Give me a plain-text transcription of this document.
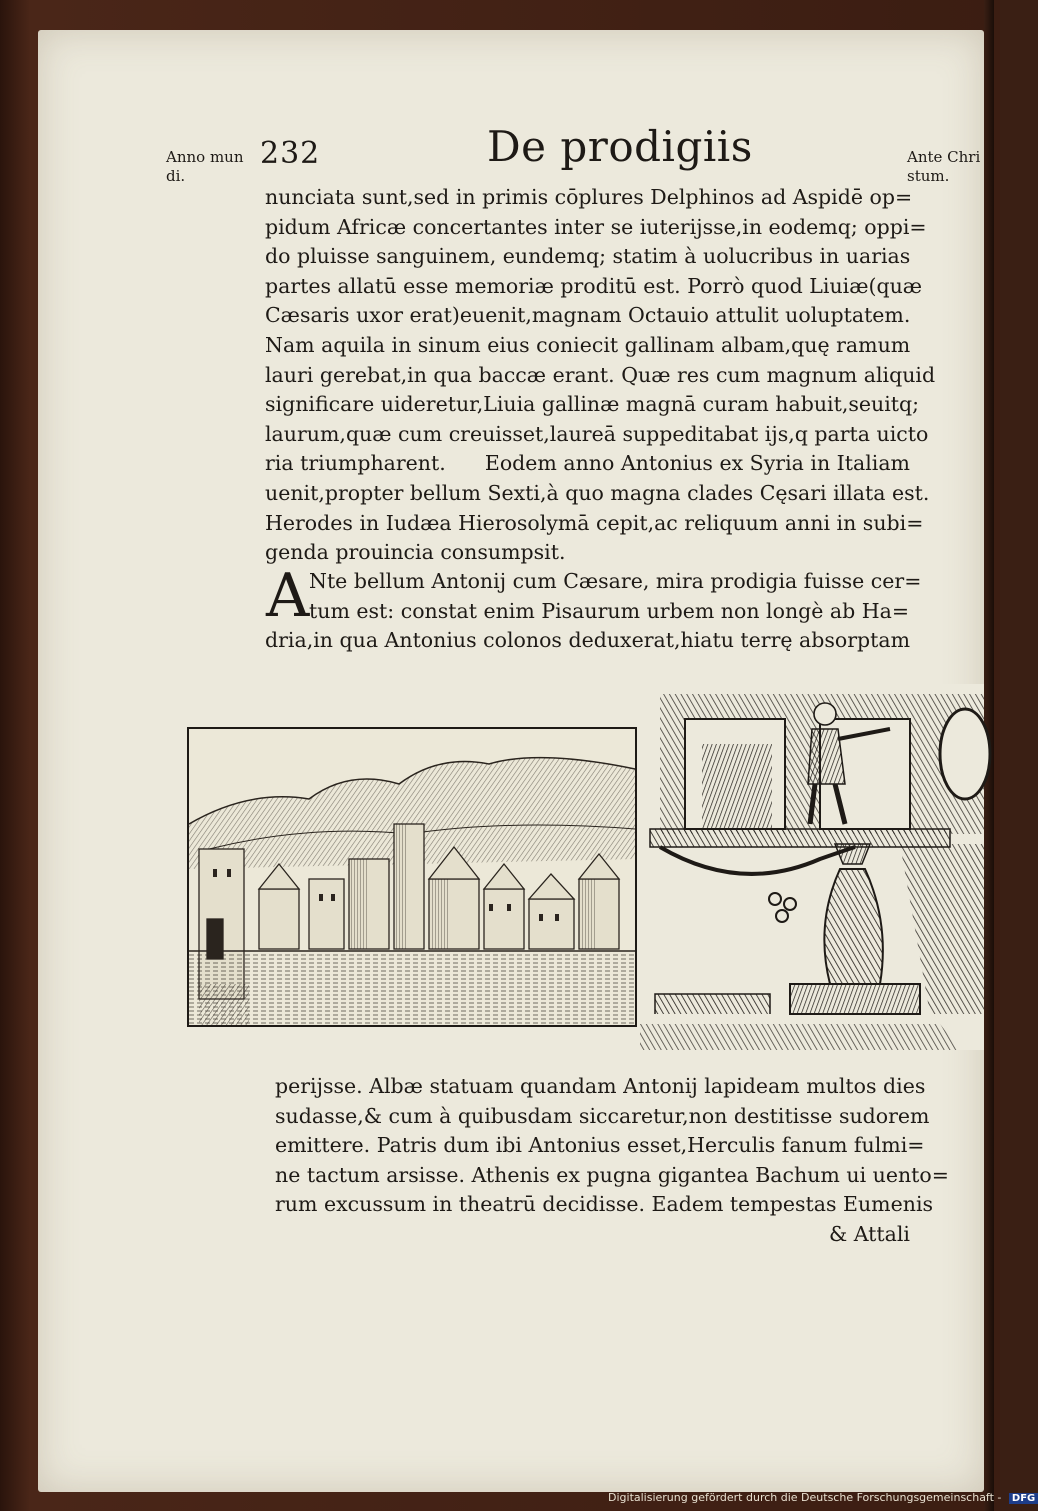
Anno mun
di.
232	De prodigiis	Ante Chri
stum.
nunciata sunt,sed in primis cōplures Delphinos ad Aspidē op=
pidum Africæ concertantes inter se iuterijsse,in eodemq; oppi=
do pluisse sanguinem, eundemq; statim à uolucribus in uarias
partes allatū esse memoriæ proditū est. Porrò quod Liuiæ(quæ
Cæsaris uxor erat)euenit,magnam Octauio attulit uoluptatem.
Nam aquila in sinum eius coniecit gallinam albam,quę ramum
lauri gerebat,in qua baccæ erant. Quæ res cum magnum aliquid
significare uideretur,Liuia gallinæ magnā curam habuit,seuitq;
laurum,quæ cum creuisset,laureā suppeditabat ijs,q parta uicto
ria triumpharent.      Eodem anno Antonius ex Syria in Italiam
uenit,propter bellum Sexti,à quo magna clades Cęsari illata est.
Herodes in Iudæa Hierosolymā cepit,ac reliquum anni in subi=
genda prouincia consumpsit.
A Nte bellum Antonij cum Cæsare, mira prodigia fuisse cer=
tum est: constat enim Pisaurum urbem non longè ab Ha=
dria,in qua Antonius colonos deduxerat,hiatu terrę absorptam
perijsse. Albæ statuam quandam Antonij lapideam multos dies
sudasse,& cum à quibusdam siccaretur,non destitisse sudorem
emittere. Patris dum ibi Antonius esset,Herculis fanum fulmi=
ne tactum arsisse. Athenis ex pugna gigantea Bachum ui uento=
rum excussum in theatrū decidisse. Eadem tempestas Eumenis
& Attali
Digitalisierung gefördert durch die Deutsche Forschungsgemeinschaft - DFG
